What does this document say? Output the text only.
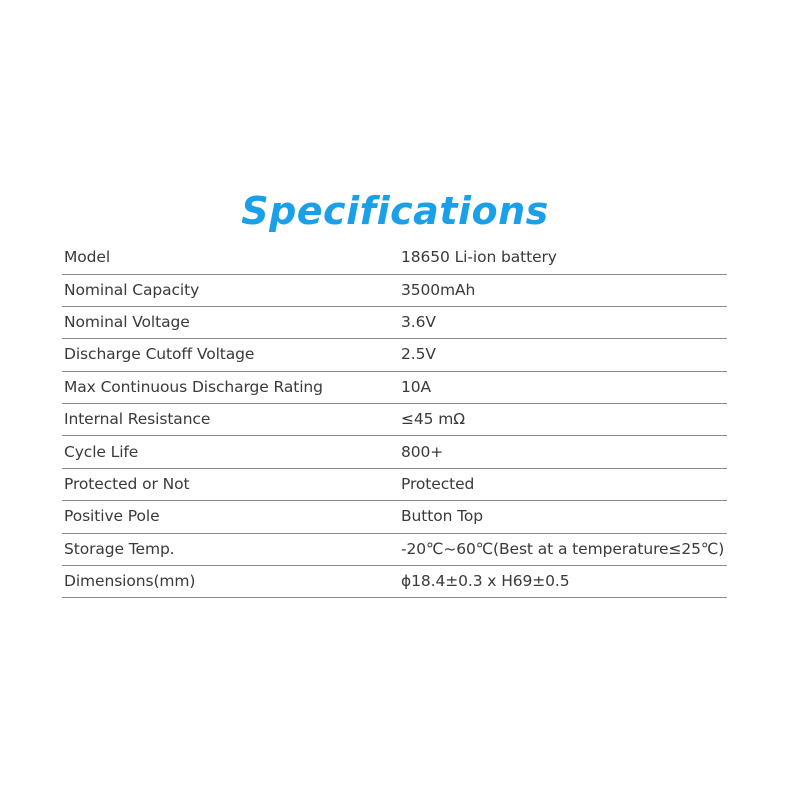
Specifications
Model	18650 Li-ion battery
Nominal Capacity	3500mAh
Nominal Voltage	3.6V
Discharge Cutoff Voltage	2.5V
Max Continuous Discharge Rating	10A
Internal Resistance	≤45 mΩ
Cycle Life	800+
Protected or Not	Protected
Positive Pole	Button Top
Storage Temp.	-20℃~60℃(Best at a temperature≤25℃)
Dimensions(mm)	ϕ18.4±0.3 x H69±0.5
